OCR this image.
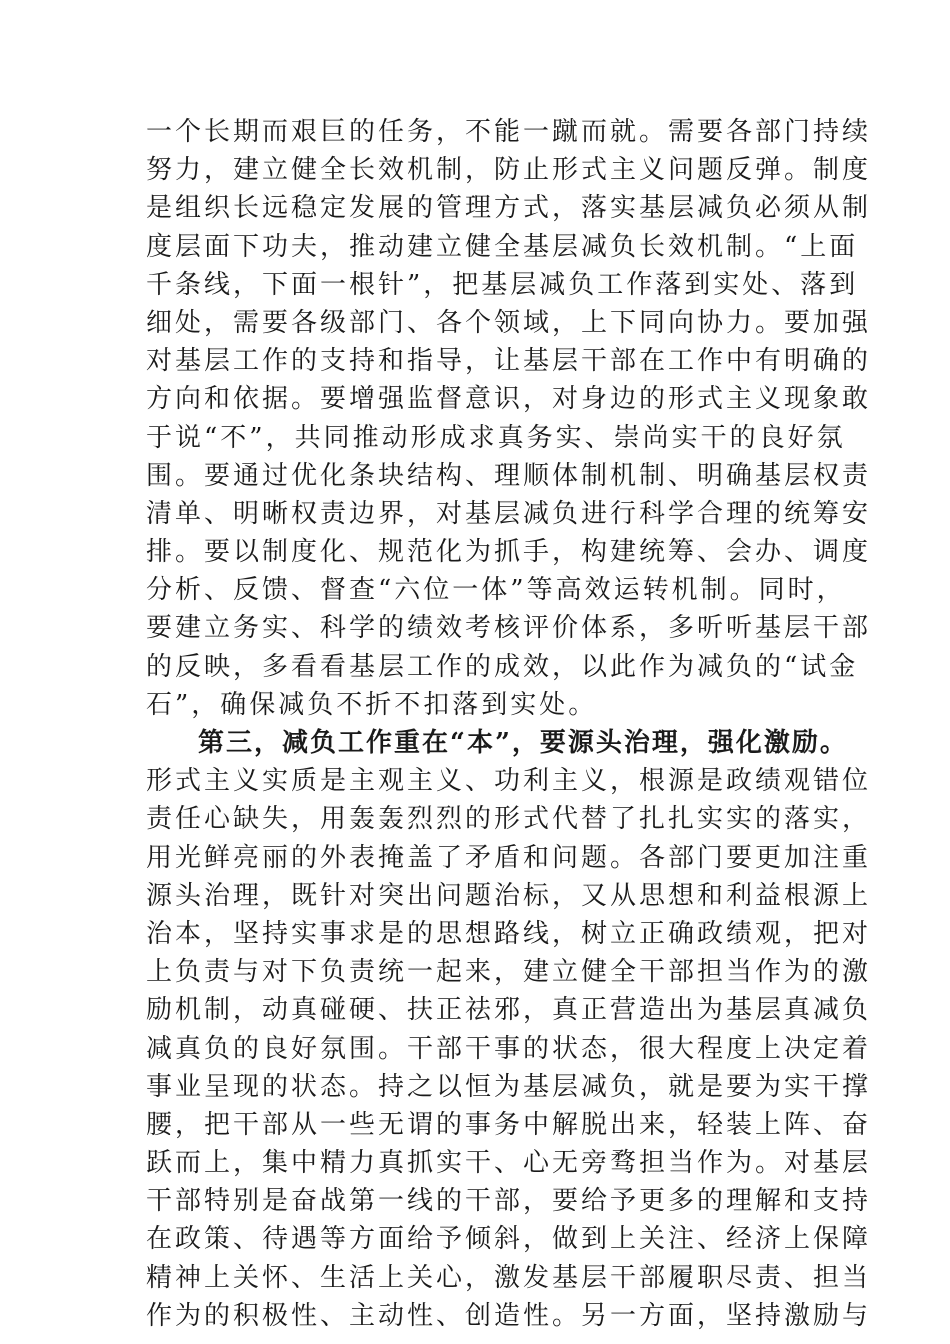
一个长期而艰巨的任务，不能一蹴而就。需要各部门持续
努力，建立健全长效机制，防止形式主义问题反弹。制度
是组织长远稳定发展的管理方式，落实基层减负必须从制
度层面下功夫，推动建立健全基层减负长效机制。“上面
千条线，下面一根针”，把基层减负工作落到实处、落到
细处，需要各级部门、各个领域，上下同向协力。要加强
对基层工作的支持和指导，让基层干部在工作中有明确的
方向和依据。要增强监督意识，对身边的形式主义现象敢
于说“不”，共同推动形成求真务实、崇尚实干的良好氛
围。要通过优化条块结构、理顺体制机制、明确基层权责
清单、明晰权责边界，对基层减负进行科学合理的统筹安
排。要以制度化、规范化为抓手，构建统筹、会办、调度
分析、反馈、督查“六位一体”等高效运转机制。同时，
要建立务实、科学的绩效考核评价体系，多听听基层干部
的反映，多看看基层工作的成效，以此作为减负的“试金
石”，确保减负不折不扣落到实处。
第三，减负工作重在“本”，要源头治理，强化激励。
形式主义实质是主观主义、功利主义，根源是政绩观错位
责任心缺失，用轰轰烈烈的形式代替了扎扎实实的落实，
用光鲜亮丽的外表掩盖了矛盾和问题。各部门要更加注重
源头治理，既针对突出问题治标，又从思想和利益根源上
治本，坚持实事求是的思想路线，树立正确政绩观，把对
上负责与对下负责统一起来，建立健全干部担当作为的激
励机制，动真碰硬、扶正祛邪，真正营造出为基层真减负
减真负的良好氛围。干部干事的状态，很大程度上决定着
事业呈现的状态。持之以恒为基层减负，就是要为实干撑
腰，把干部从一些无谓的事务中解脱出来，轻装上阵、奋
跃而上，集中精力真抓实干、心无旁骛担当作为。对基层
干部特别是奋战第一线的干部，要给予更多的理解和支持
在政策、待遇等方面给予倾斜，做到上关注、经济上保障
精神上关怀、生活上关心，激发基层干部履职尽责、担当
作为的积极性、主动性、创造性。另一方面，坚持激励与
